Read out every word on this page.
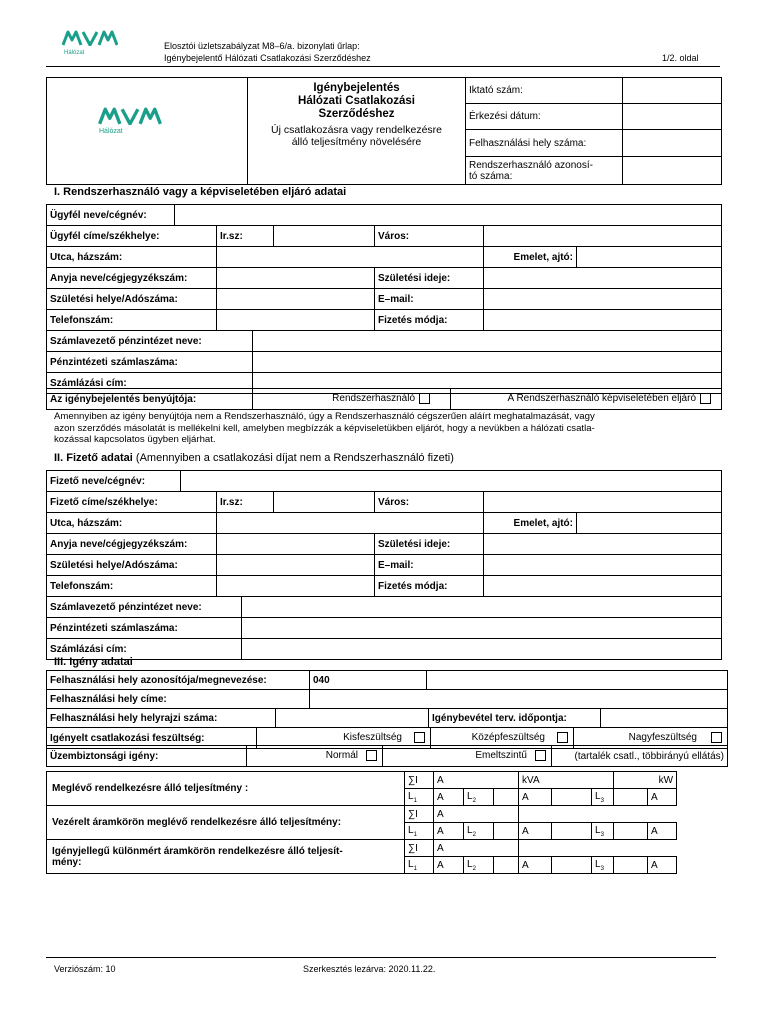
Hálózat
Elosztói üzletszabályzat M8–6/a. bizonylati űrlap:
Igénybejelentő Hálózati Csatlakozási Szerződéshez	1/2. oldal
Hálózat	Igénybejelentés
Hálózati Csatlakozási
Szerződéshez
Új csatlakozásra vagy rendelkezésre
álló teljesítmény növelésére	Iktató szám:	
		Érkezési dátum:	
		Felhasználási hely száma:	

		Rendszerhasználó azonosí-
tó száma:	

I. Rendszerhasználó vagy a képviseletében eljáró adatai
Ügyfél neve/cégnév:	
Ügyfél címe/székhelye:	Ir.sz:		Város:		
Utca, házszám:				Emelet, ajtó:	
Anyja neve/cégjegyzékszám:			Születési ideje:		
Születési helye/Adószáma:			E–mail:		
Telefonszám:			Fizetés módja:		
Számlavezető pénzintézet neve:	
Pénzintézeti számlaszáma:	
Számlázási cím:	
Az igénybejelentés benyújtója:	Rendszerhasználó	A Rendszerhasználó képviseletében eljáró
Amennyiben az igény benyújtója nem a Rendszerhasználó, úgy a Rendszerhasználó cégszerűen aláírt meghatalmazását, vagy
azon szerződés másolatát is mellékelni kell, amelyben megbízzák a képviseletükben eljárót, hogy a nevükben a hálózati csatla-
kozással kapcsolatos ügyben eljárhat.
II. Fizető adatai (Amennyiben a csatlakozási díjat nem a Rendszerhasználó fizeti)
Fizető neve/cégnév:	
Fizető címe/székhelye:	Ir.sz:		Város:		
Utca, házszám:				Emelet, ajtó:	
Anyja neve/cégjegyzékszám:			Születési ideje:		
Születési helye/Adószáma:			E–mail:		
Telefonszám:			Fizetés módja:		
Számlavezető pénzintézet neve:	
Pénzintézeti számlaszáma:	
Számlázási cím:	
III. Igény adatai
Felhasználási hely azonosítója/megnevezése:	040	
Felhasználási hely címe:		
Felhasználási hely helyrajzi száma:		Igénybevétel terv. időpontja:	
Igényelt csatlakozási feszültség:	Kisfeszültség	Középfeszültség	Nagyfeszültség
Üzembiztonsági igény:	Normál	Emeltszintű	(tartalék csatl., többirányú ellátás)
Meglévő rendelkezésre álló teljesítmény :	∑I	A			kVA			kW	
	$L_1$	A	$L_2$		A		$L_3$		A
Vezérelt áramkörön meglévő rendelkezésre álló teljesítmény:	∑I	A							
	$L_1$	A	$L_2$		A		$L_3$		A

Igényjellegű különmért áramkörön rendelkezésre álló teljesít-
mény:	∑I	A							
	$L_1$	A	$L_2$		A		$L_3$		A
Verziószám: 10	Szerkesztés lezárva: 2020.11.22.
